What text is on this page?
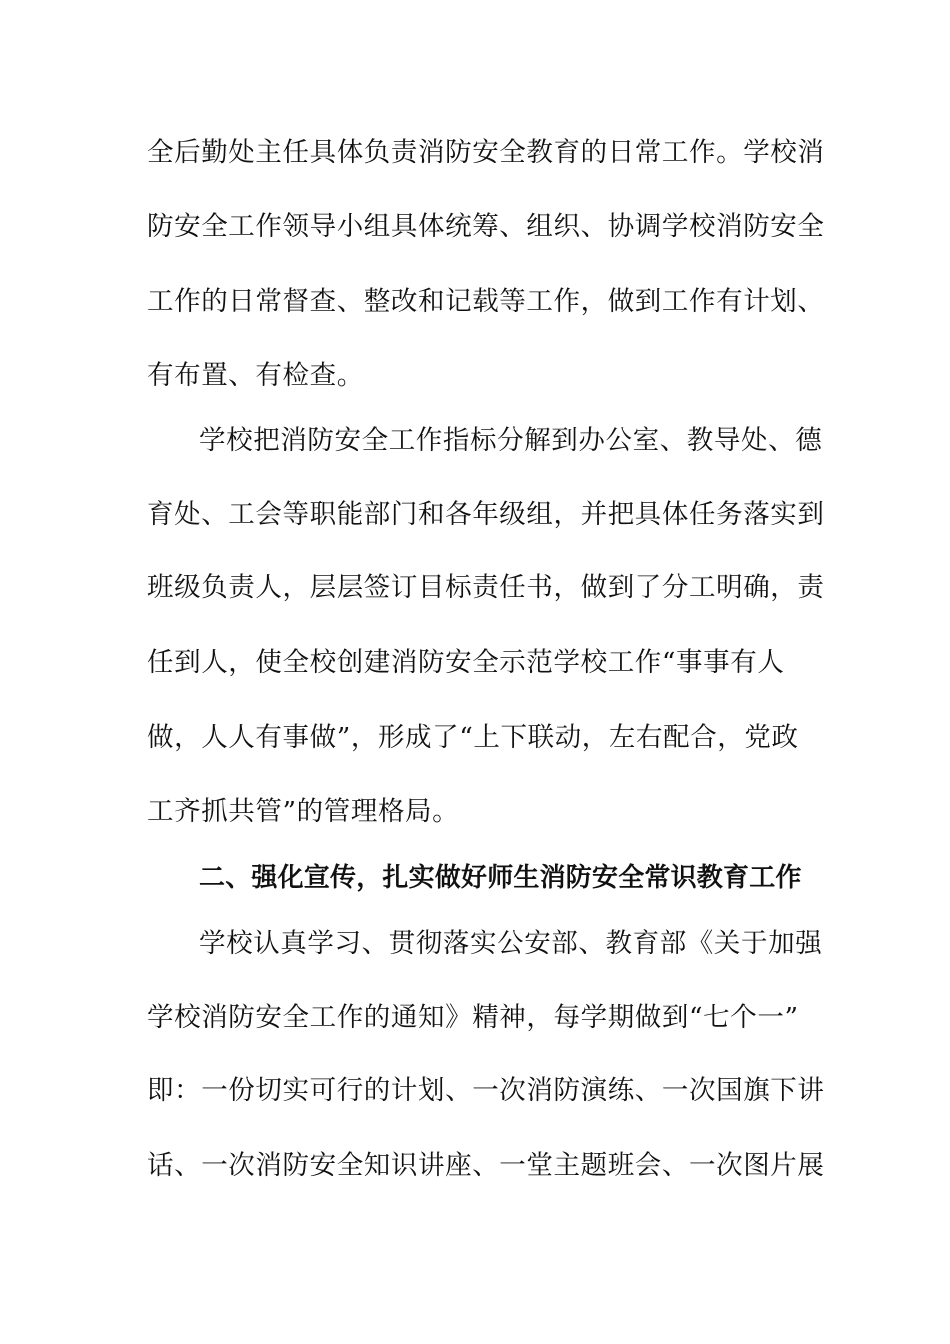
全后勤处主任具体负责消防安全教育的日常工作。学校消
防安全工作领导小组具体统筹、组织、协调学校消防安全
工作的日常督查、整改和记载等工作，做到工作有计划、
有布置、有检查。
学校把消防安全工作指标分解到办公室、教导处、德
育处、工会等职能部门和各年级组，并把具体任务落实到
班级负责人，层层签订目标责任书，做到了分工明确，责
任到人，使全校创建消防安全示范学校工作“事事有人
做，人人有事做”，形成了“上下联动，左右配合，党政
工齐抓共管”的管理格局。
二、强化宣传，扎实做好师生消防安全常识教育工作
学校认真学习、贯彻落实公安部、教育部《关于加强
学校消防安全工作的通知》精神，每学期做到“七个一”
即：一份切实可行的计划、一次消防演练、一次国旗下讲
话、一次消防安全知识讲座、一堂主题班会、一次图片展
